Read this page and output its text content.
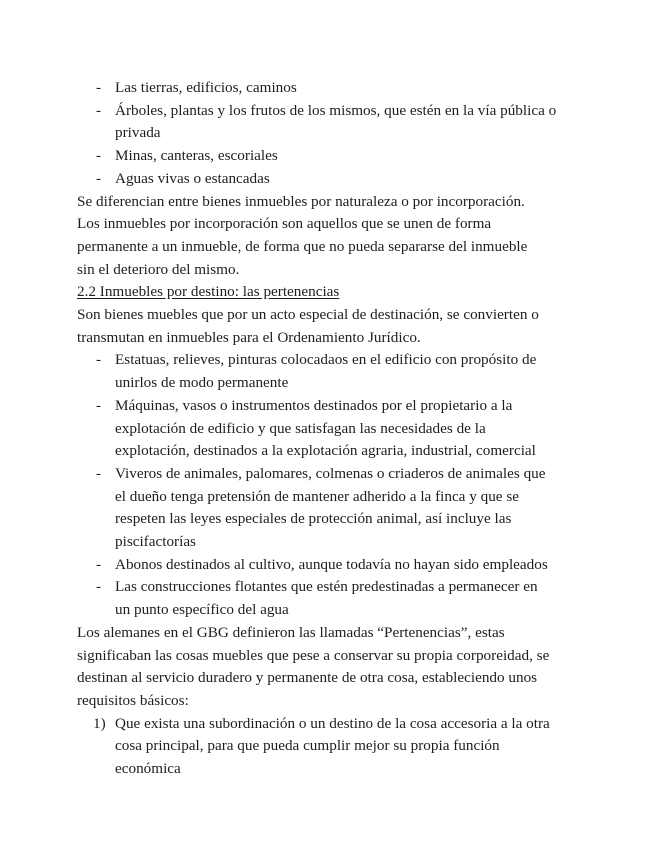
- Las tierras, edificios, caminos
- Árboles, plantas y los frutos de los mismos, que estén en la vía pública o
privada
- Minas, canteras, escoriales
- Aguas vivas o estancadas
Se diferencian entre bienes inmuebles por naturaleza o por incorporación.
Los inmuebles por incorporación son aquellos que se unen de forma
permanente a un inmueble, de forma que no pueda separarse del inmueble
sin el deterioro del mismo.
2.2 Inmuebles por destino: las pertenencias
Son bienes muebles que por un acto especial de destinación, se convierten o
transmutan en inmuebles para el Ordenamiento Jurídico.
- Estatuas, relieves, pinturas colocadaos en el edificio con propósito de
unirlos de modo permanente
- Máquinas, vasos o instrumentos destinados por el propietario a la
explotación de edificio y que satisfagan las necesidades de la
explotación, destinados a la explotación agraria, industrial, comercial
- Viveros de animales, palomares, colmenas o criaderos de animales que
el dueño tenga pretensión de mantener adherido a la finca y que se
respeten las leyes especiales de protección animal, así incluye las
piscifactorías
- Abonos destinados al cultivo, aunque todavía no hayan sido empleados
- Las construcciones flotantes que estén predestinadas a permanecer en
un punto específico del agua
Los alemanes en el GBG definieron las llamadas “Pertenencias”, estas
significaban las cosas muebles que pese a conservar su propia corporeidad, se
destinan al servicio duradero y permanente de otra cosa, estableciendo unos
requisitos básicos:
1) Que exista una subordinación o un destino de la cosa accesoria a la otra
cosa principal, para que pueda cumplir mejor su propia función
económica
